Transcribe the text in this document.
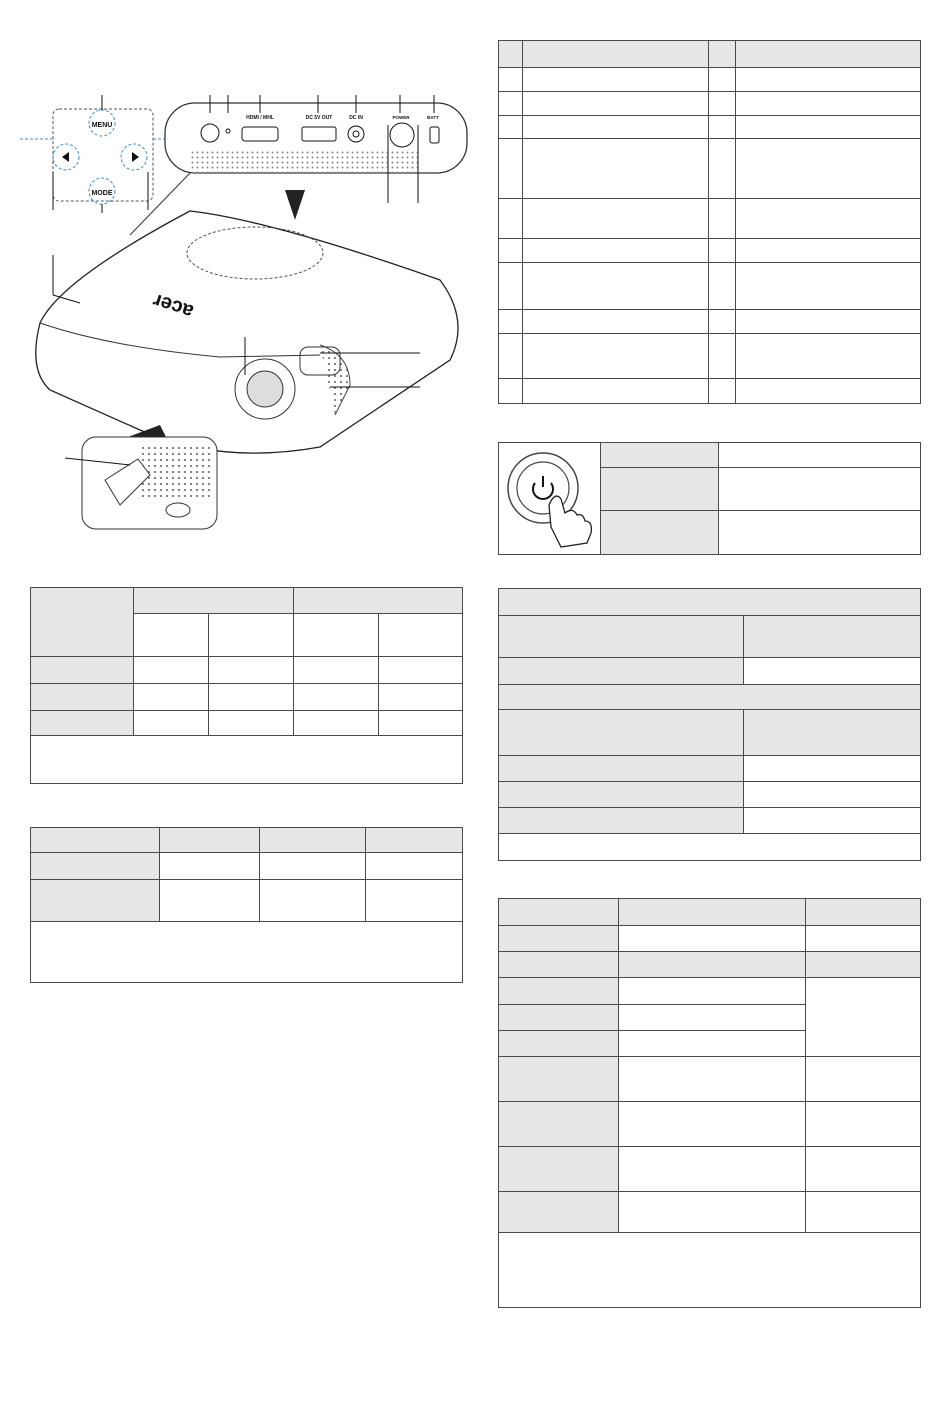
MENU
MODE
HDMI / MHL	DC 5V OUT	DC IN	POWER	BATT
acer
